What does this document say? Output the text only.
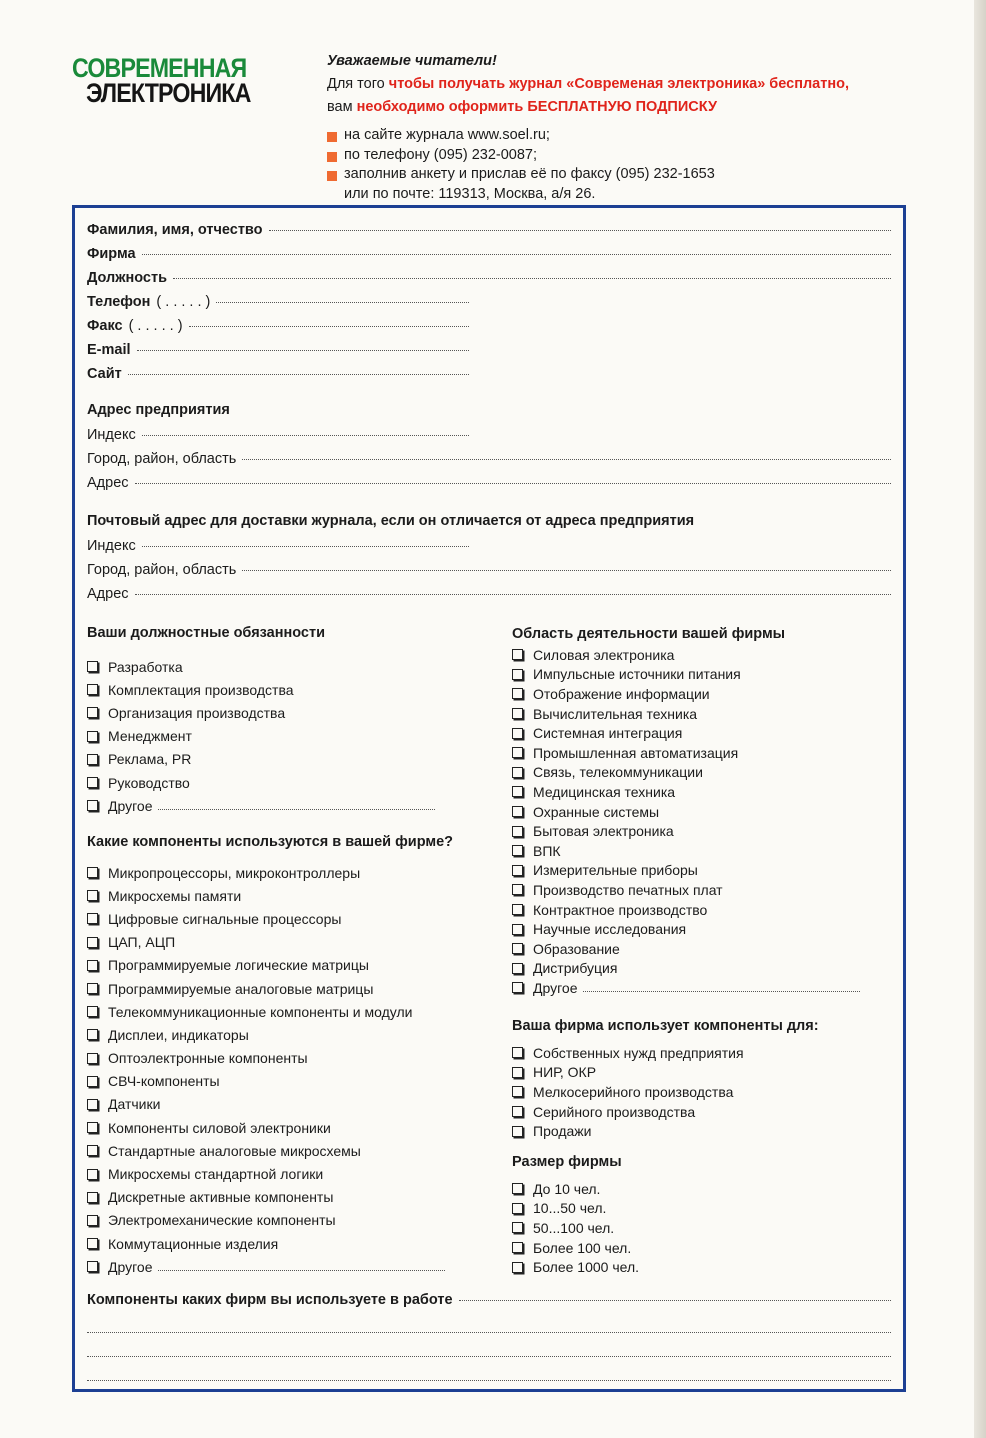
СОВРЕМЕННАЯ
ЭЛЕКТРОНИКА
Уважаемые читатели!
Для того чтобы получать журнал «Современая электроника» бесплатно,
вам необходимо оформить БЕСПЛАТНУЮ ПОДПИСКУ
на сайте журнала www.soel.ru;
по телефону (095) 232-0087;
заполнив анкету и прислав её по факсу (095) 232-1653
или по почте: 119313, Москва, а/я 26.
Фамилия, имя, отчество
Фирма
Должность
Телефон ( . . . . . )
Факс ( . . . . . )
E-mail
Сайт
Адрес предприятия
Индекс
Город, район, область
Адрес
Почтовый адрес для доставки журнала, если он отличается от адреса предприятия
Индекс
Город, район, область
Адрес
Ваши должностные обязанности
Разработка
Комплектация производства
Организация производства
Менеджмент
Реклама, PR
Руководство
Другое
Какие компоненты используются в вашей фирме?
Микропроцессоры, микроконтроллеры
Микросхемы памяти
Цифровые сигнальные процессоры
ЦАП, АЦП
Программируемые логические матрицы
Программируемые аналоговые матрицы
Телекоммуникационные компоненты и модули
Дисплеи, индикаторы
Оптоэлектронные компоненты
СВЧ-компоненты
Датчики
Компоненты силовой электроники
Стандартные аналоговые микросхемы
Микросхемы стандартной логики
Дискретные активные компоненты
Электромеханические компоненты
Коммутационные изделия
Другое
Область деятельности вашей фирмы
Силовая электроника
Импульсные источники питания
Отображение информации
Вычислительная техника
Системная интеграция
Промышленная автоматизация
Связь, телекоммуникации
Медицинская техника
Охранные системы
Бытовая электроника
ВПК
Измерительные приборы
Производство печатных плат
Контрактное производство
Научные исследования
Образование
Дистрибуция
Другое
Ваша фирма использует компоненты для:
Собственных нужд предприятия
НИР, ОКР
Мелкосерийного производства
Серийного производства
Продажи
Размер фирмы
До 10 чел.
10...50 чел.
50...100 чел.
Более 100 чел.
Более 1000 чел.
Компоненты каких фирм вы используете в работе
